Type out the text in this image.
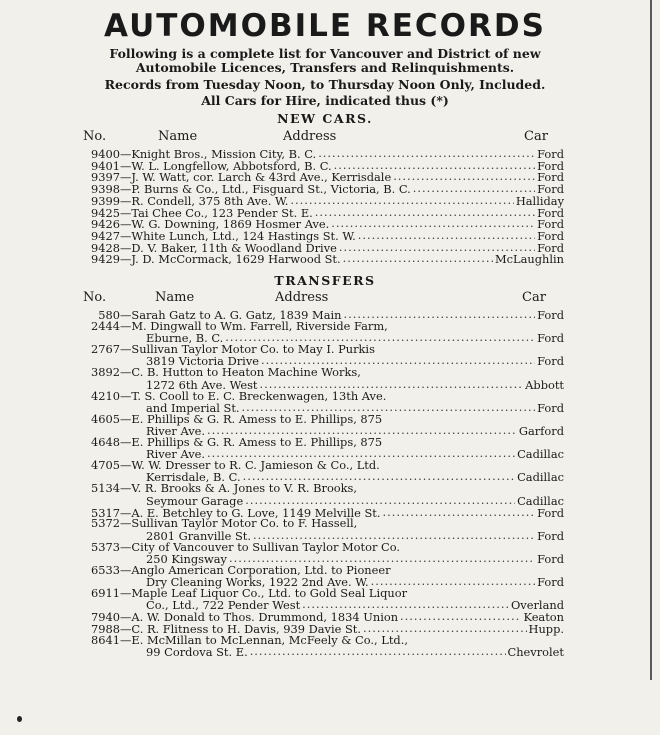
AUTOMOBILE RECORDS
Following is a complete list for Vancouver and District of new
Automobile Licences, Transfers and Relinquishments.
Records from Tuesday Noon, to Thursday Noon Only, Included.
All Cars for Hire, indicated thus (*)
NEW CARS.
No.	Name	Address	Car
9400 — Knight Bros., Mission City, B. C. .....	Ford
9401 — W. L. Longfellow, Abbotsford, B. C. .....	Ford
9397 — J. W. Watt, cor. Larch & 43rd Ave., Kerrisdale .....	Ford
9398 — P. Burns & Co., Ltd., Fisguard St., Victoria, B. C. .....	Ford
9399 — R. Condell, 375 8th Ave. W. .....	Halliday
9425 — Tai Chee Co., 123 Pender St. E. .....	Ford
9426 — W. G. Downing, 1869 Hosmer Ave. .....	Ford
9427 — White Lunch, Ltd., 124 Hastings St. W. .....	Ford
9428 — D. V. Baker, 11th & Woodland Drive .....	Ford
9429 — J. D. McCormack, 1629 Harwood St. .....	McLaughlin
TRANSFERS
No.	Name	Address	Car
580 — Sarah Gatz to A. G. Gatz, 1839 Main .....	Ford
2444 — M. Dingwall to Wm. Farrell, Riverside Farm,
Eburne, B. C. .....	Ford
2767 — Sullivan Taylor Motor Co. to May I. Purkis
3819 Victoria Drive .....	Ford
3892 — C. B. Hutton to Heaton Machine Works,
1272 6th Ave. West .....	Abbott
4210 — T. S. Cooll to E. C. Breckenwagen, 13th Ave.
and Imperial St. .....	Ford
4605 — E. Phillips & G. R. Amess to E. Phillips, 875
River Ave. .....	Garford
4648 — E. Phillips & G. R. Amess to E. Phillips, 875
River Ave. .....	Cadillac
4705 — W. W. Dresser to R. C. Jamieson & Co., Ltd.
Kerrisdale, B. C. .....	Cadillac
5134 — V. R. Brooks & A. Jones to V. R. Brooks,
Seymour Garage .....	Cadillac
5317 — A. E. Betchley to G. Love, 1149 Melville St. .....	Ford
5372 — Sullivan Taylor Motor Co. to F. Hassell,
2801 Granville St. .....	Ford
5373 — City of Vancouver to Sullivan Taylor Motor Co.
250 Kingsway .....	Ford
6533 — Anglo American Corporation, Ltd. to Pioneer
Dry Cleaning Works, 1922 2nd Ave. W. .....	Ford
6911 — Maple Leaf Liquor Co., Ltd. to Gold Seal Liquor
Co., Ltd., 722 Pender West .....	Overland
7940 — A. W. Donald to Thos. Drummond, 1834 Union .....	Keaton
7988 — C. R. Flitness to H. Davis, 939 Davie St. .....	Hupp.
8641 — E. McMillan to McLennan, McFeely & Co., Ltd.,
99 Cordova St. E. .....	Chevrolet
